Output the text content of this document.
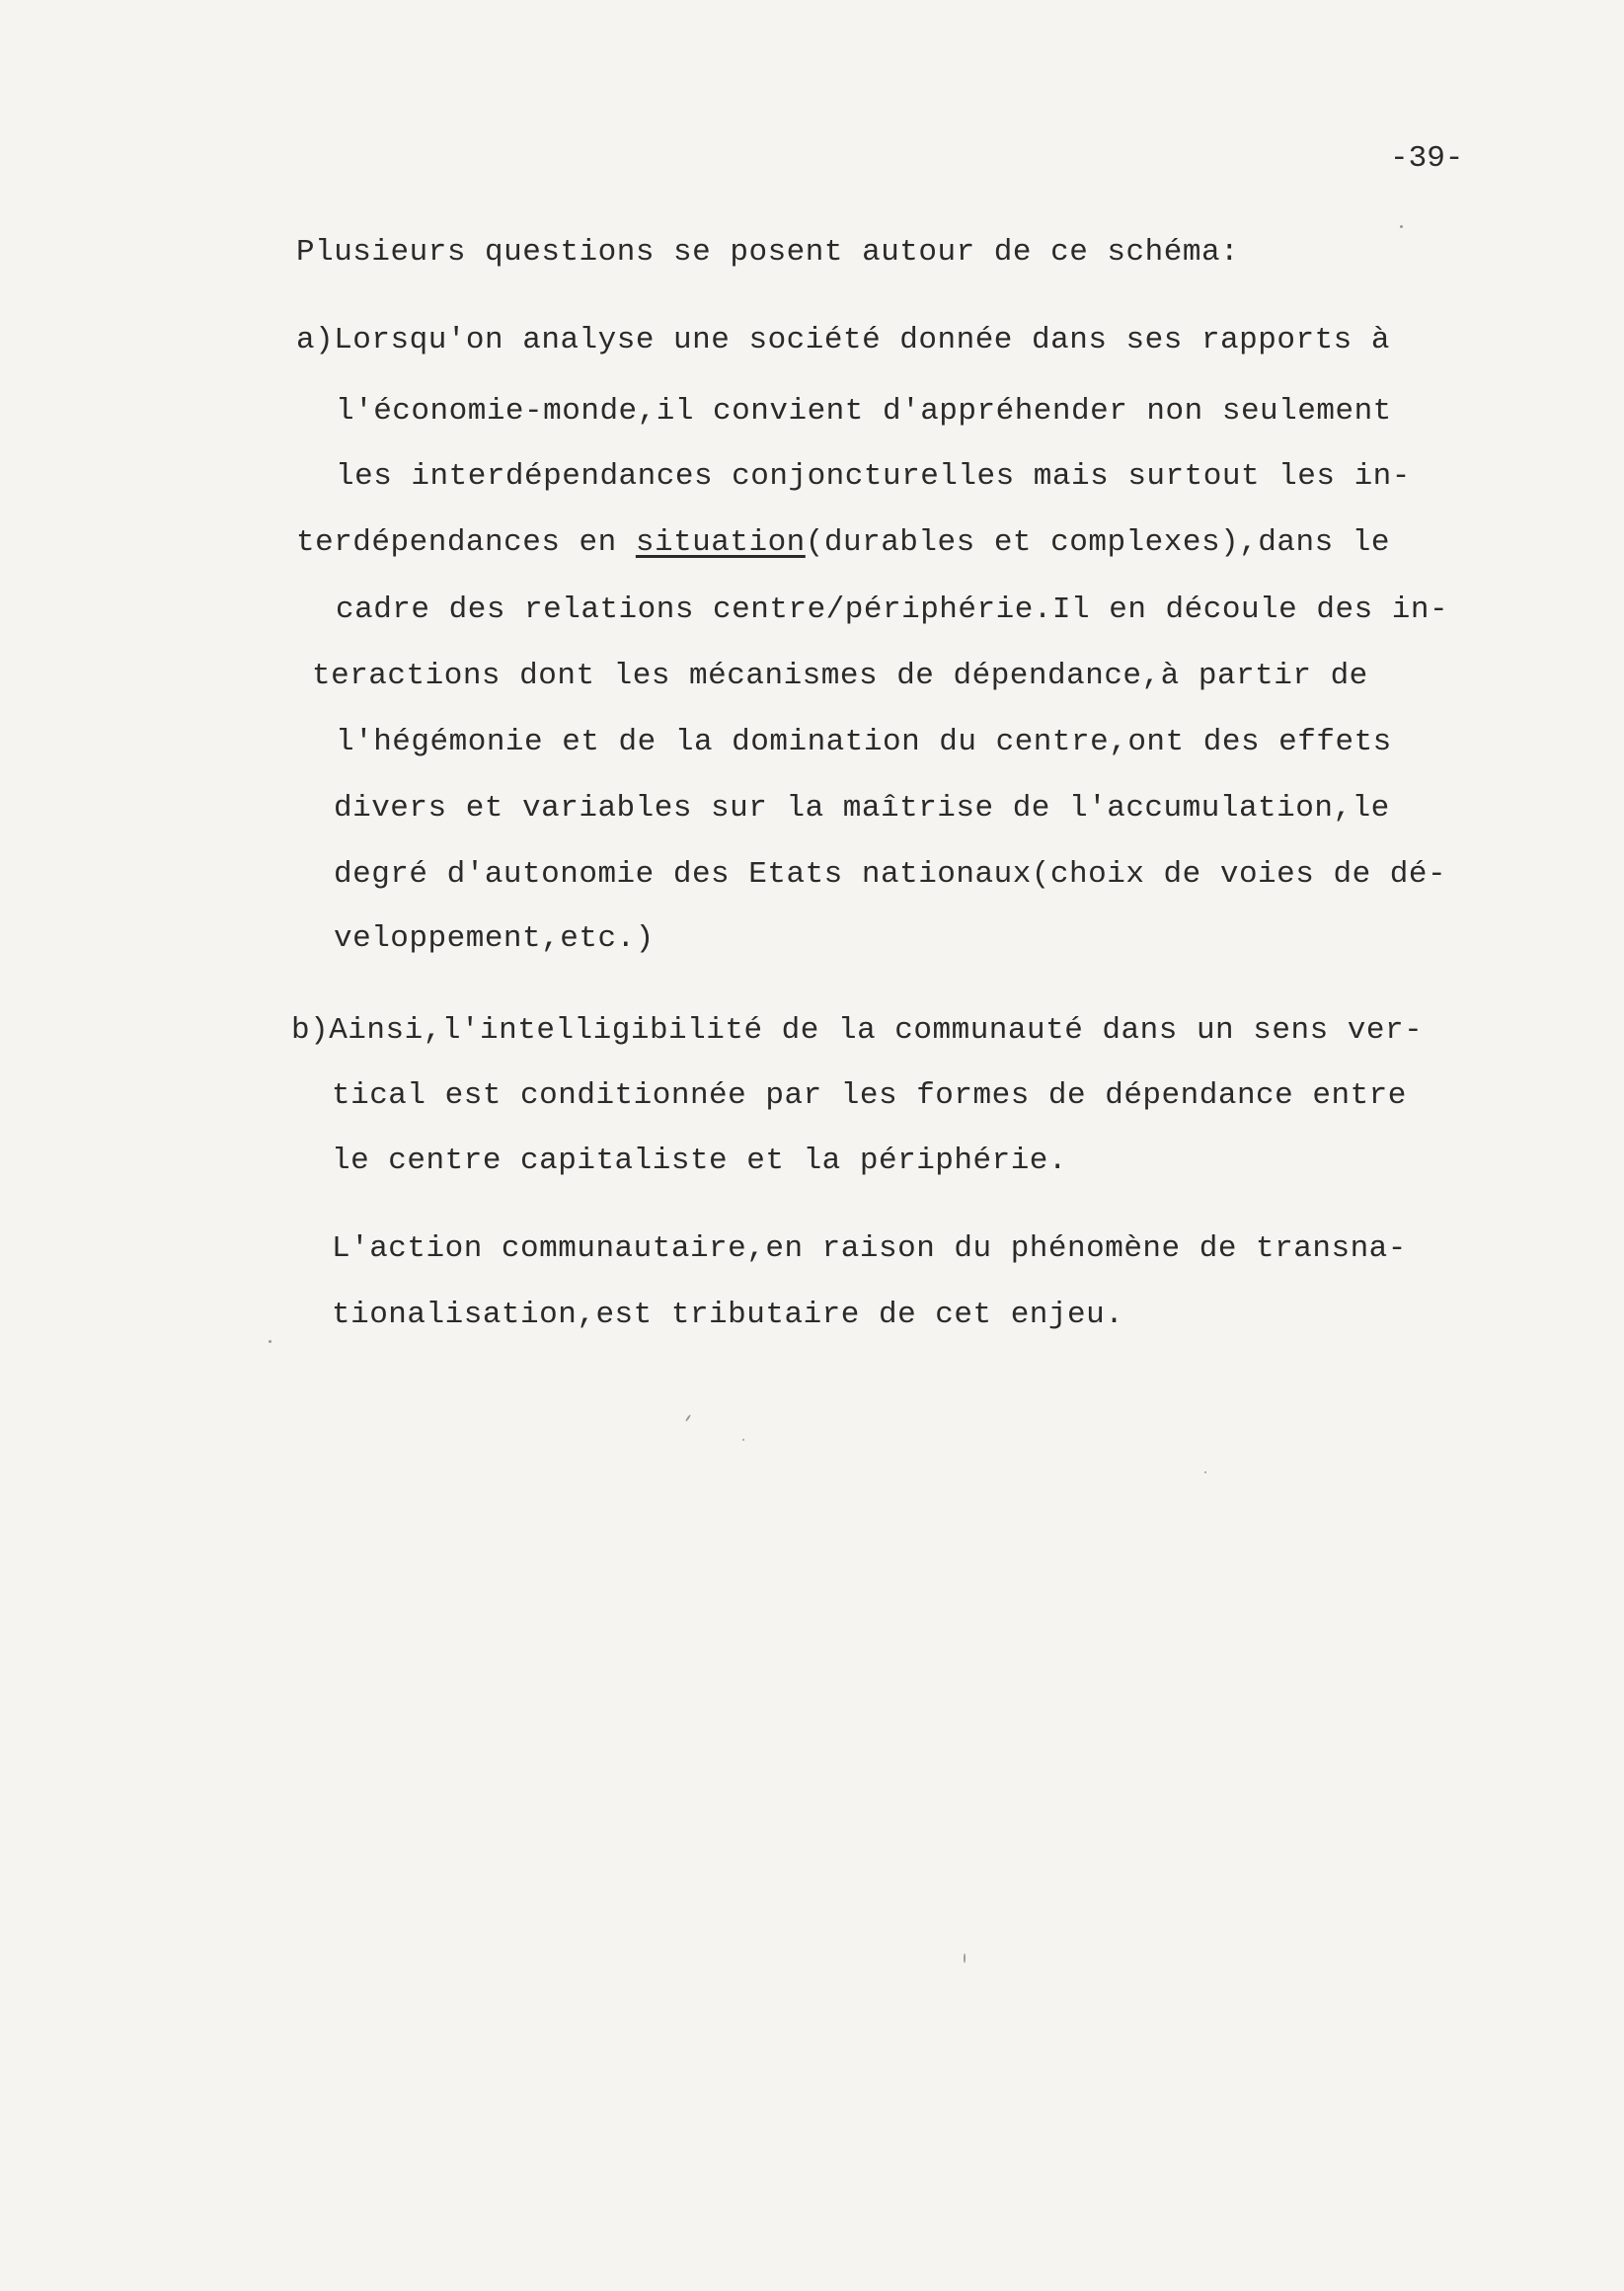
-39-
Plusieurs questions se posent autour de ce schéma:
a)Lorsqu'on analyse une société donnée dans ses rapports à
l'économie-monde,il convient d'appréhender non seulement
les interdépendances conjoncturelles mais surtout les in-
terdépendances en situation(durables et complexes),dans le
cadre des relations centre/périphérie.Il en découle des in-
teractions dont les mécanismes de dépendance,à partir de
l'hégémonie et de la domination du centre,ont des effets
divers et variables sur la maîtrise de l'accumulation,le
degré d'autonomie des Etats nationaux(choix de voies de dé-
veloppement,etc.)
b)Ainsi,l'intelligibilité de la communauté dans un sens ver-
tical est conditionnée par les formes de dépendance entre
le centre capitaliste et la périphérie.
L'action communautaire,en raison du phénomène de transna-
tionalisation,est tributaire de cet enjeu.
